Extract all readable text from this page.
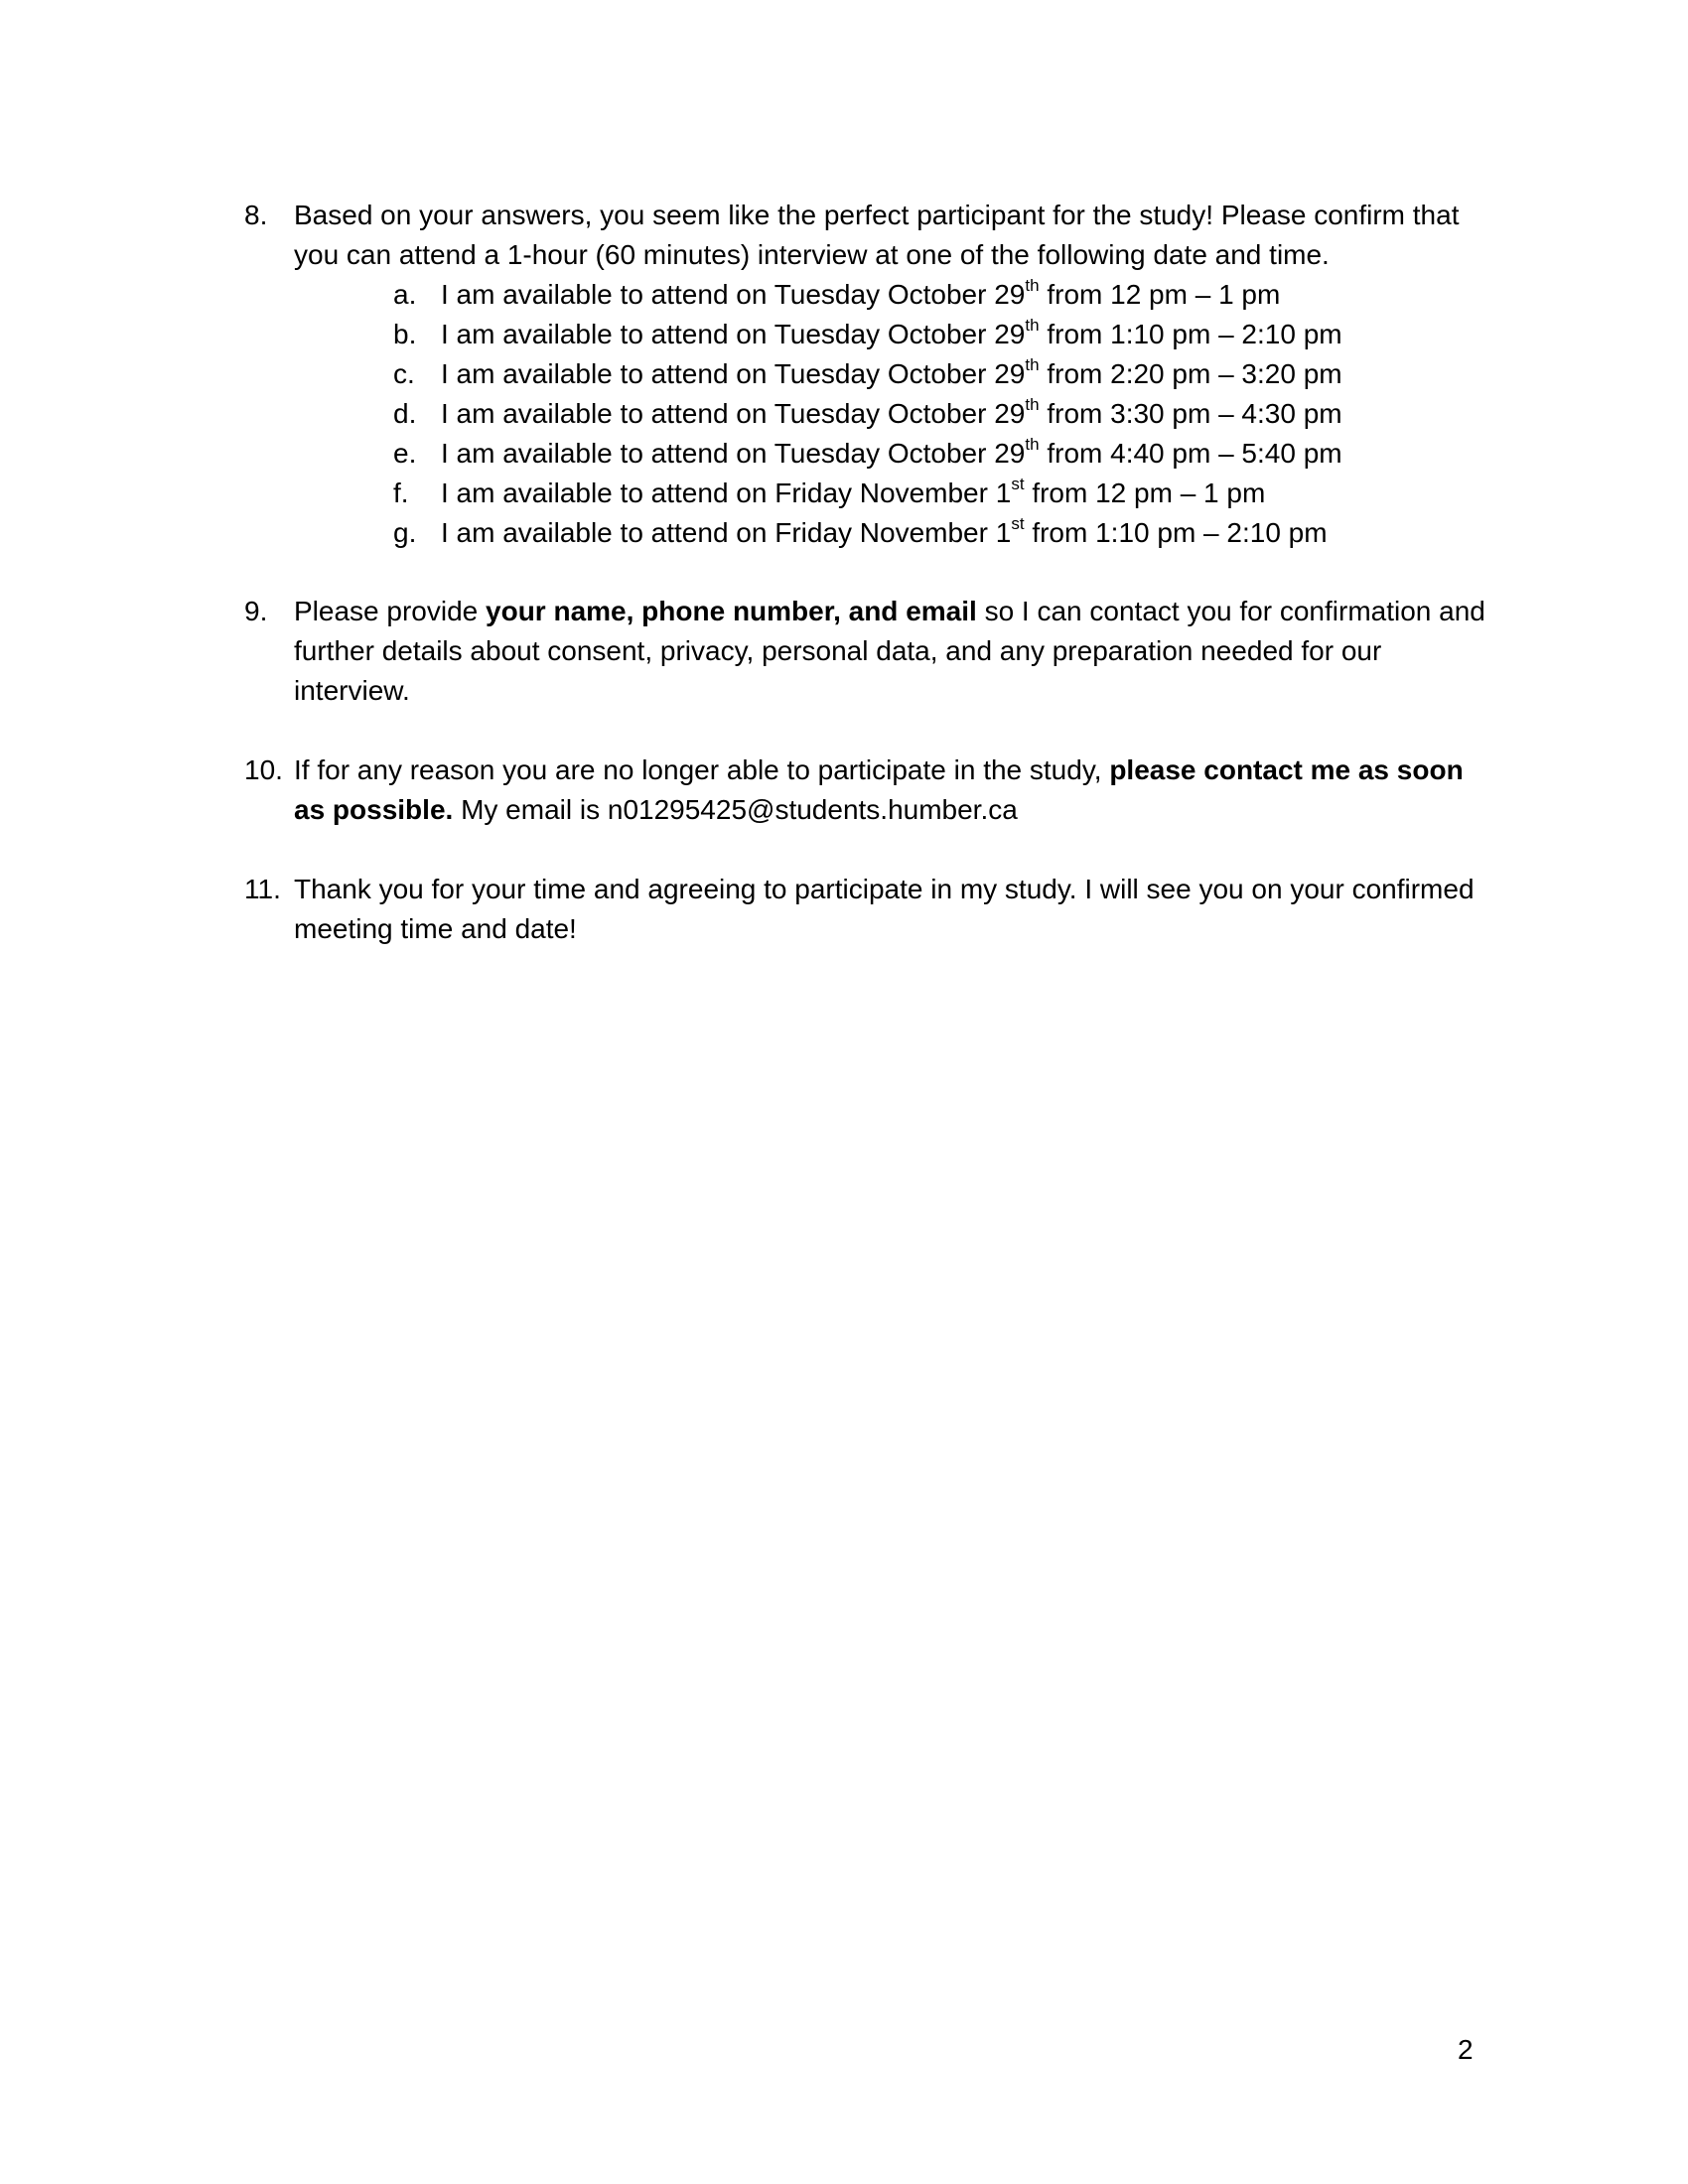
8. Based on your answers, you seem like the perfect participant for the study! Please confirm that you can attend a 1-hour (60 minutes) interview at one of the following date and time.
a. I am available to attend on Tuesday October 29th from 12 pm – 1 pm
b. I am available to attend on Tuesday October 29th from 1:10 pm – 2:10 pm
c. I am available to attend on Tuesday October 29th from 2:20 pm – 3:20 pm
d. I am available to attend on Tuesday October 29th from 3:30 pm – 4:30 pm
e. I am available to attend on Tuesday October 29th from 4:40 pm – 5:40 pm
f. I am available to attend on Friday November 1st from 12 pm – 1 pm
g. I am available to attend on Friday November 1st from 1:10 pm – 2:10 pm
9. Please provide your name, phone number, and email so I can contact you for confirmation and further details about consent, privacy, personal data, and any preparation needed for our interview.
10. If for any reason you are no longer able to participate in the study, please contact me as soon as possible. My email is n01295425@students.humber.ca
11. Thank you for your time and agreeing to participate in my study. I will see you on your confirmed meeting time and date!
2
